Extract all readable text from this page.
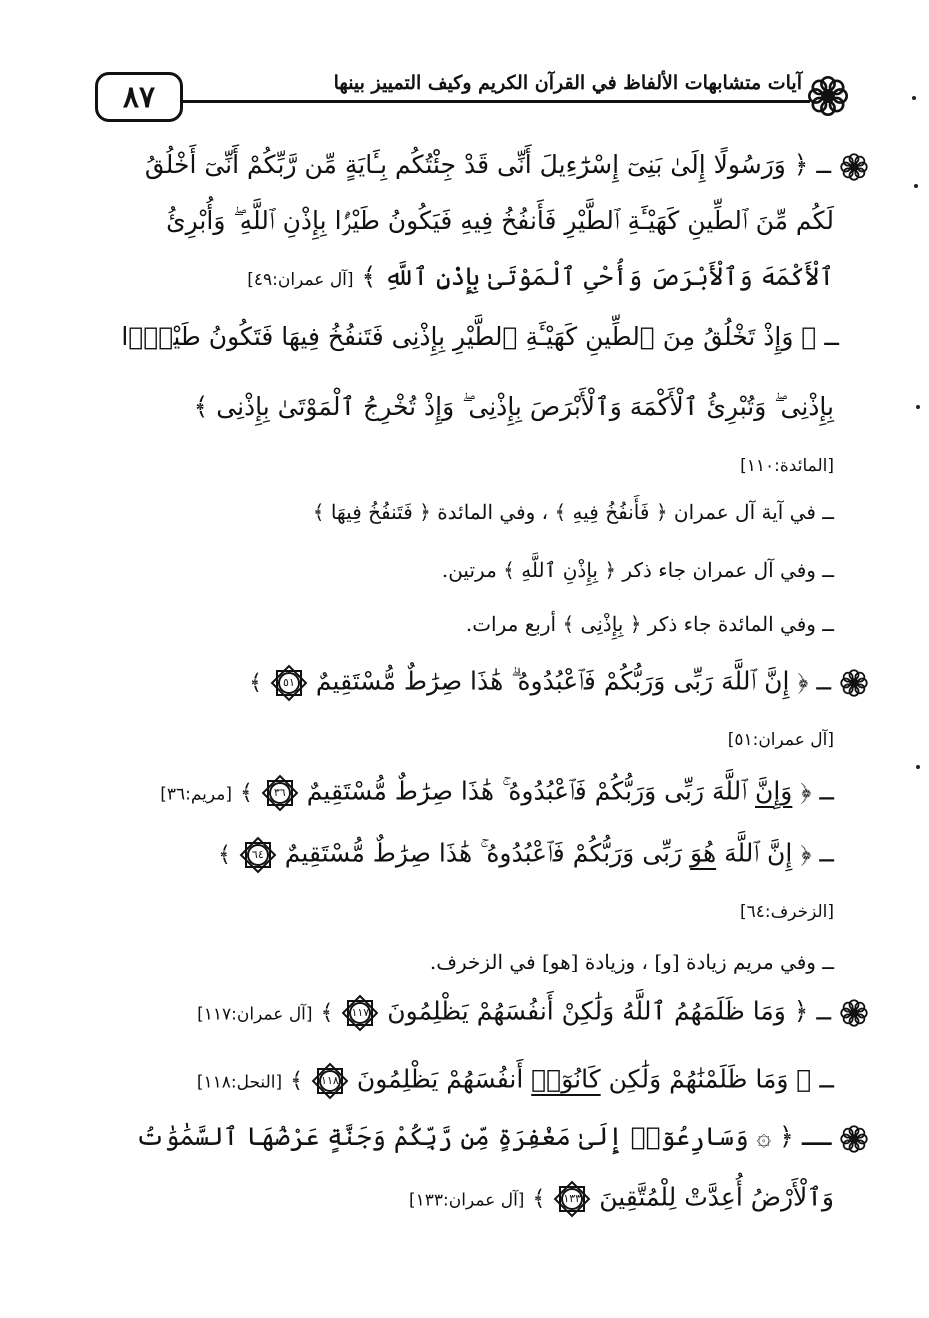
٨٧	آيات متشابهات الألفاظ في القرآن الكريم وكيف التمييز بينها
ــ ﴿ وَرَسُولًا إِلَىٰ بَنِىٓ إِسْرَٰٓءِيلَ أَنِّى قَدْ جِئْتُكُم بِـَٔايَةٍ مِّن رَّبِّكُمْ أَنِّىٓ أَخْلُقُ
لَكُم مِّنَ ٱلطِّينِ كَهَيْـَٔةِ ٱلطَّيْرِ فَأَنفُخُ فِيهِ فَيَكُونُ طَيْرًۢا بِإِذْنِ ٱللَّهِ ۖ وَأُبْرِئُ
ٱلْأَكْمَهَ وَٱلْأَبْرَصَ وَأُحْىِ ٱلْمَوْتَىٰ بِإِذْنِ ٱللَّهِ ﴾ [آل عمران:٤٩]
ــ ﴿ وَإِذْ تَخْلُقُ مِنَ ٱلطِّينِ كَهَيْـَٔةِ ٱلطَّيْرِ بِإِذْنِى فَتَنفُخُ فِيهَا فَتَكُونُ طَيْرًۢا
بِإِذْنِى ۖ وَتُبْرِئُ ٱلْأَكْمَهَ وَٱلْأَبْرَصَ بِإِذْنِى ۖ وَإِذْ تُخْرِجُ ٱلْمَوْتَىٰ بِإِذْنِى ﴾
[المائدة:١١٠]
ــ في آية آل عمران ﴿ فَأَنفُخُ فِيهِ ﴾ ، وفي المائدة ﴿ فَتَنفُخُ فِيهَا ﴾
ــ وفي آل عمران جاء ذكر ﴿ بِإِذْنِ ٱللَّهِ ﴾ مرتين.
ــ وفي المائدة جاء ذكر ﴿ بِإِذْنِى ﴾ أربع مرات.
ــ ﴿ إِنَّ ٱللَّهَ رَبِّى وَرَبُّكُمْ فَٱعْبُدُوهُ ۗ هَٰذَا صِرَٰطٌ مُّسْتَقِيمٌ
٥١
﴾
[آل عمران:٥١]
ــ ﴿ وَإِنَّ ٱللَّهَ رَبِّى وَرَبُّكُمْ فَٱعْبُدُوهُ ۚ هَٰذَا صِرَٰطٌ مُّسْتَقِيمٌ
٣٦
﴾ [مريم:٣٦]
ــ ﴿ إِنَّ ٱللَّهَ هُوَ رَبِّى وَرَبُّكُمْ فَٱعْبُدُوهُ ۚ هَٰذَا صِرَٰطٌ مُّسْتَقِيمٌ
٦٤
﴾
[الزخرف:٦٤]
ــ وفي مريم زيادة [و] ، وزيادة [هو] في الزخرف.
ــ ﴿ وَمَا ظَلَمَهُمُ ٱللَّهُ وَلَٰكِنْ أَنفُسَهُمْ يَظْلِمُونَ
١١٧
﴾ [آل عمران:١١٧]
ــ ﴿ وَمَا ظَلَمْنَٰهُمْ وَلَٰكِن كَانُوٓا۟ أَنفُسَهُمْ يَظْلِمُونَ
١١٨
﴾ [النحل:١١٨]
ــ ﴿ ۞ وَسَارِعُوٓا۟ إِلَىٰ مَغْفِرَةٍ مِّن رَّبِّكُمْ وَجَنَّةٍ عَرْضُهَا ٱلسَّمَٰوَٰتُ
وَٱلْأَرْضُ أُعِدَّتْ لِلْمُتَّقِينَ
١٣٣
﴾ [آل عمران:١٣٣]
